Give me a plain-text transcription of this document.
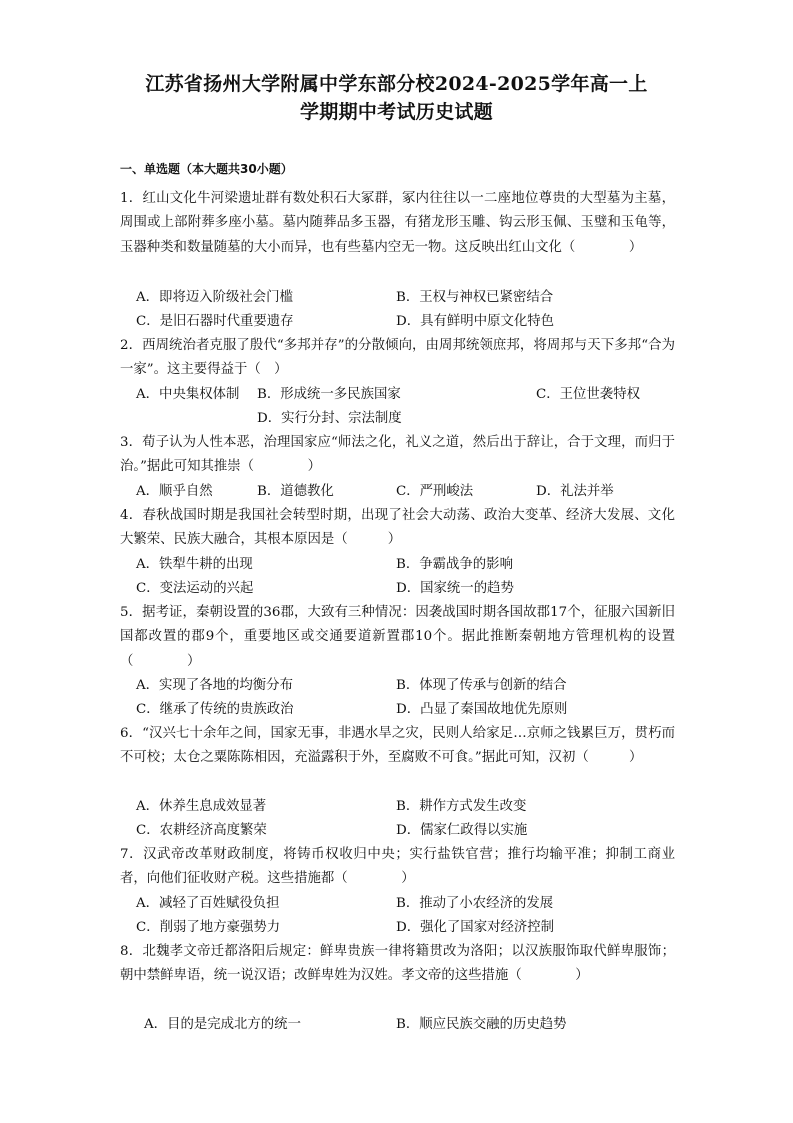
江苏省扬州大学附属中学东部分校2024-2025学年高一上
学期期中考试历史试题
一、单选题（本大题共30小题）
1．红山文化牛河梁遗址群有数处积石大冢群，冢内往往以一二座地位尊贵的大型墓为主墓，周围或上部附葬多座小墓。墓内随葬品多玉器，有猪龙形玉雕、钩云形玉佩、玉璧和玉龟等，玉器种类和数量随墓的大小而异，也有些墓内空无一物。这反映出红山文化（　　　　）
A．即将迈入阶级社会门槛	B．王权与神权已紧密结合
C．是旧石器时代重要遗存	D．具有鲜明中原文化特色
2．西周统治者克服了殷代“多邦并存”的分散倾向，由周邦统领庶邦，将周邦与天下多邦“合为一家”。这主要得益于（　）
A．中央集权体制 B．形成统一多民族国家	C．王位世袭特权
D．实行分封、宗法制度
3．荀子认为人性本恶，治理国家应“师法之化，礼义之道，然后出于辞让，合于文理，而归于治。”据此可知其推崇（　　　　）
A．顺乎自然	B．道德教化	C．严刑峻法	D．礼法并举
4．春秋战国时期是我国社会转型时期，出现了社会大动荡、政治大变革、经济大发展、文化大繁荣、民族大融合，其根本原因是（　　　）
A．铁犁牛耕的出现	B．争霸战争的影响
C．变法运动的兴起	D．国家统一的趋势
5．据考证，秦朝设置的36郡，大致有三种情况：因袭战国时期各国故郡17个，征服六国新旧国都改置的郡9个，重要地区或交通要道新置郡10个。据此推断秦朝地方管理机构的设置（　　　　）
A．实现了各地的均衡分布	B．体现了传承与创新的结合
C．继承了传统的贵族政治	D．凸显了秦国故地优先原则
6．“汉兴七十余年之间，国家无事，非遇水旱之灾，民则人给家足…京师之钱累巨万，贯朽而不可校；太仓之粟陈陈相因，充溢露积于外，至腐败不可食。”据此可知，汉初（　　　）
A．休养生息成效显著	B．耕作方式发生改变
C．农耕经济高度繁荣	D．儒家仁政得以实施
7．汉武帝改革财政制度，将铸币权收归中央；实行盐铁官营；推行均输平准；抑制工商业者，向他们征收财产税。这些措施都（　　　　）
A．减轻了百姓赋役负担	B．推动了小农经济的发展
C．削弱了地方豪强势力	D．强化了国家对经济控制
8．北魏孝文帝迁都洛阳后规定：鲜卑贵族一律将籍贯改为洛阳；以汉族服饰取代鲜卑服饰；朝中禁鲜卑语，统一说汉语；改鲜卑姓为汉姓。孝文帝的这些措施（　　　　）
A．目的是完成北方的统一	B．顺应民族交融的历史趋势
